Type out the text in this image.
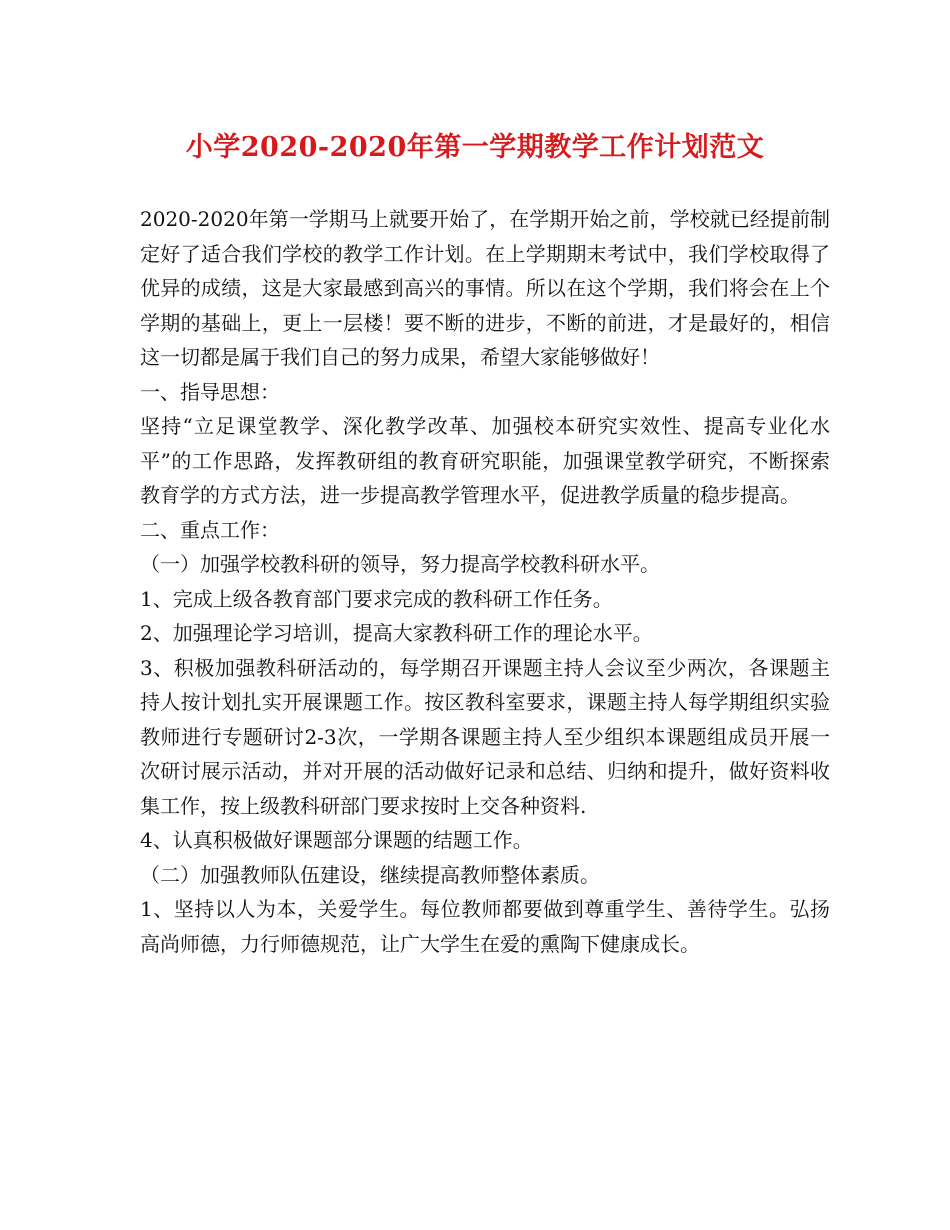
小学2020-2020年第一学期教学工作计划范文

2020-2020年第一学期马上就要开始了，在学期开始之前，学校就已经提前制定好了适合我们学校的教学工作计划。在上学期期末考试中，我们学校取得了优异的成绩，这是大家最感到高兴的事情。所以在这个学期，我们将会在上个学期的基础上，更上一层楼！要不断的进步，不断的前进，才是最好的，相信这一切都是属于我们自己的努力成果，希望大家能够做好！

一、指导思想：

坚持“立足课堂教学、深化教学改革、加强校本研究实效性、提高专业化水平”的工作思路，发挥教研组的教育研究职能，加强课堂教学研究，不断探索教育学的方式方法，进一步提高教学管理水平，促进教学质量的稳步提高。

二、重点工作：

（一）加强学校教科研的领导，努力提高学校教科研水平。

1、完成上级各教育部门要求完成的教科研工作任务。

2、加强理论学习培训，提高大家教科研工作的理论水平。

3、积极加强教科研活动的，每学期召开课题主持人会议至少两次，各课题主持人按计划扎实开展课题工作。按区教科室要求，课题主持人每学期组织实验教师进行专题研讨2-3次，一学期各课题主持人至少组织本课题组成员开展一次研讨展示活动，并对开展的活动做好记录和总结、归纳和提升，做好资料收集工作，按上级教科研部门要求按时上交各种资料.

4、认真积极做好课题部分课题的结题工作。

（二）加强教师队伍建设，继续提高教师整体素质。

1、坚持以人为本，关爱学生。每位教师都要做到尊重学生、善待学生。弘扬高尚师德，力行师德规范，让广大学生在爱的熏陶下健康成长。
